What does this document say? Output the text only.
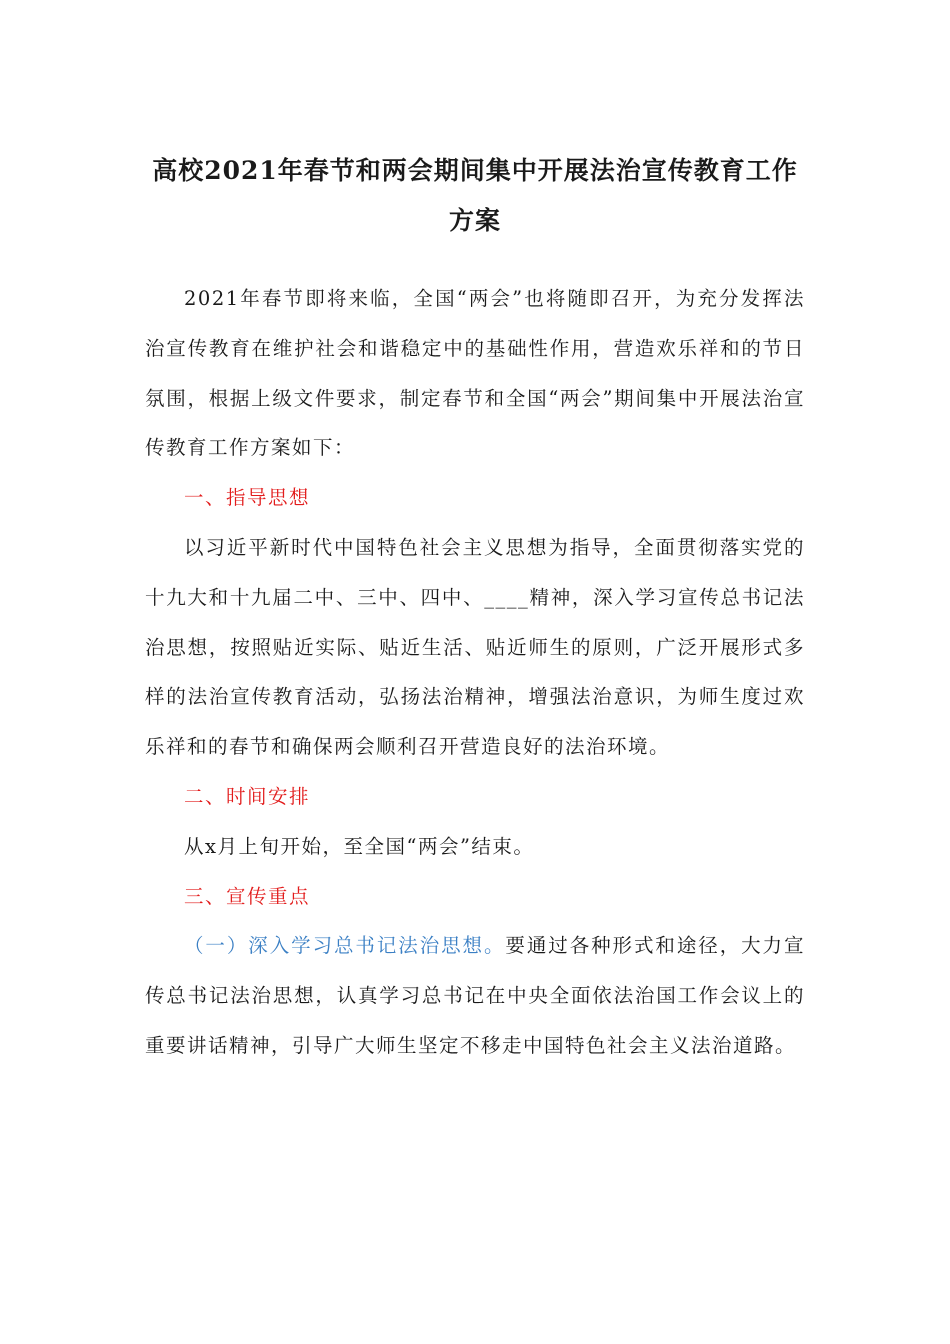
高校2021年春节和两会期间集中开展法治宣传教育工作方案

2021年春节即将来临，全国“两会”也将随即召开，为充分发挥法治宣传教育在维护社会和谐稳定中的基础性作用，营造欢乐祥和的节日氛围，根据上级文件要求，制定春节和全国“两会”期间集中开展法治宣传教育工作方案如下：

一、指导思想

以习近平新时代中国特色社会主义思想为指导，全面贯彻落实党的十九大和十九届二中、三中、四中、____精神，深入学习宣传总书记法治思想，按照贴近实际、贴近生活、贴近师生的原则，广泛开展形式多样的法治宣传教育活动，弘扬法治精神，增强法治意识，为师生度过欢乐祥和的春节和确保两会顺利召开营造良好的法治环境。

二、时间安排

从x月上旬开始，至全国“两会”结束。

三、宣传重点

（一）深入学习总书记法治思想。要通过各种形式和途径，大力宣传总书记法治思想，认真学习总书记在中央全面依法治国工作会议上的重要讲话精神，引导广大师生坚定不移走中国特色社会主义法治道路。
